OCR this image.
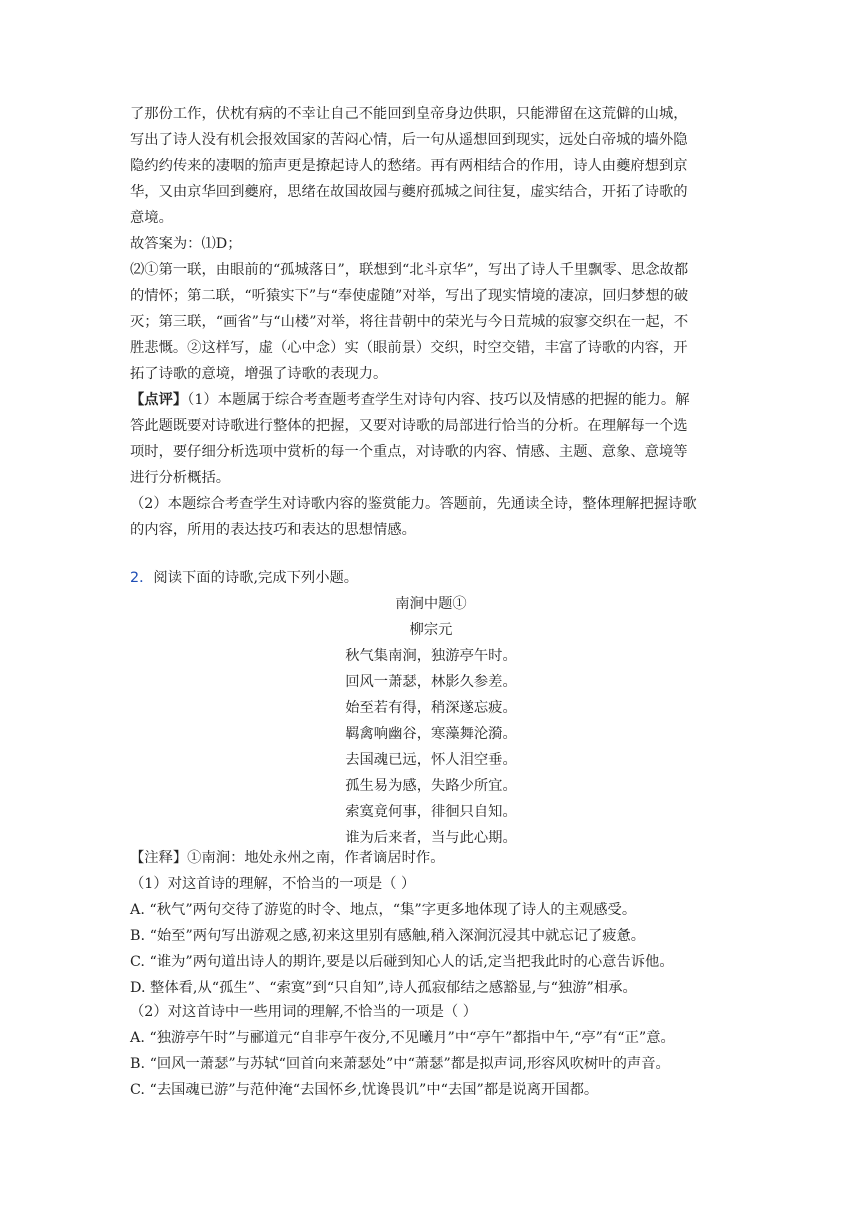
了那份工作，伏枕有病的不幸让自己不能回到皇帝身边供职，只能滞留在这荒僻的山城，
写出了诗人没有机会报效国家的苦闷心情，后一句从遥想回到现实，远处白帝城的墙外隐
隐约约传来的凄咽的笳声更是撩起诗人的愁绪。再有两相结合的作用，诗人由夔府想到京
华，又由京华回到夔府，思绪在故国故园与夔府孤城之间往复，虚实结合，开拓了诗歌的
意境。
故答案为：⑴D；
⑵①第一联，由眼前的“孤城落日”，联想到“北斗京华”，写出了诗人千里飘零、思念故都
的情怀；第二联，“听猿实下”与“奉使虚随”对举，写出了现实情境的凄凉，回归梦想的破
灭；第三联，“画省”与“山楼”对举，将往昔朝中的荣光与今日荒城的寂寥交织在一起，不
胜悲慨。②这样写，虚（心中念）实（眼前景）交织，时空交错，丰富了诗歌的内容，开
拓了诗歌的意境，增强了诗歌的表现力。
【点评】（1）本题属于综合考查题考查学生对诗句内容、技巧以及情感的把握的能力。解
答此题既要对诗歌进行整体的把握，又要对诗歌的局部进行恰当的分析。在理解每一个选
项时，要仔细分析选项中赏析的每一个重点，对诗歌的内容、情感、主题、意象、意境等
进行分析概括。
（2）本题综合考查学生对诗歌内容的鉴赏能力。答题前，先通读全诗，整体理解把握诗歌
的内容，所用的表达技巧和表达的思想情感。
2．阅读下面的诗歌,完成下列小题。
南涧中题①
柳宗元
秋气集南涧，独游亭午时。
回风一萧瑟，林影久参差。
始至若有得，稍深遂忘疲。
羁禽响幽谷，寒藻舞沦漪。
去国魂已远，怀人泪空垂。
孤生易为感，失路少所宜。
索寞竟何事，徘徊只自知。
谁为后来者，当与此心期。
【注释】①南涧：地处永州之南，作者谪居时作。
（1）对这首诗的理解，不恰当的一项是（ ）
A. “秋气”两句交待了游览的时令、地点，“集”字更多地体现了诗人的主观感受。
B. “始至”两句写出游观之感,初来这里别有感触,稍入深涧沉浸其中就忘记了疲惫。
C. “谁为”两句道出诗人的期许,要是以后碰到知心人的话,定当把我此时的心意告诉他。
D. 整体看,从“孤生”、“索寞”到“只自知”,诗人孤寂郁结之感豁显,与“独游”相承。
（2）对这首诗中一些用词的理解,不恰当的一项是（ ）
A. “独游亭午时”与郦道元“自非亭午夜分,不见曦月”中“亭午”都指中午,“亭”有“正”意。
B. “回风一萧瑟”与苏轼“回首向来萧瑟处”中“萧瑟”都是拟声词,形容风吹树叶的声音。
C. “去国魂已游”与范仲淹“去国怀乡,忧谗畏讥”中“去国”都是说离开国都。
